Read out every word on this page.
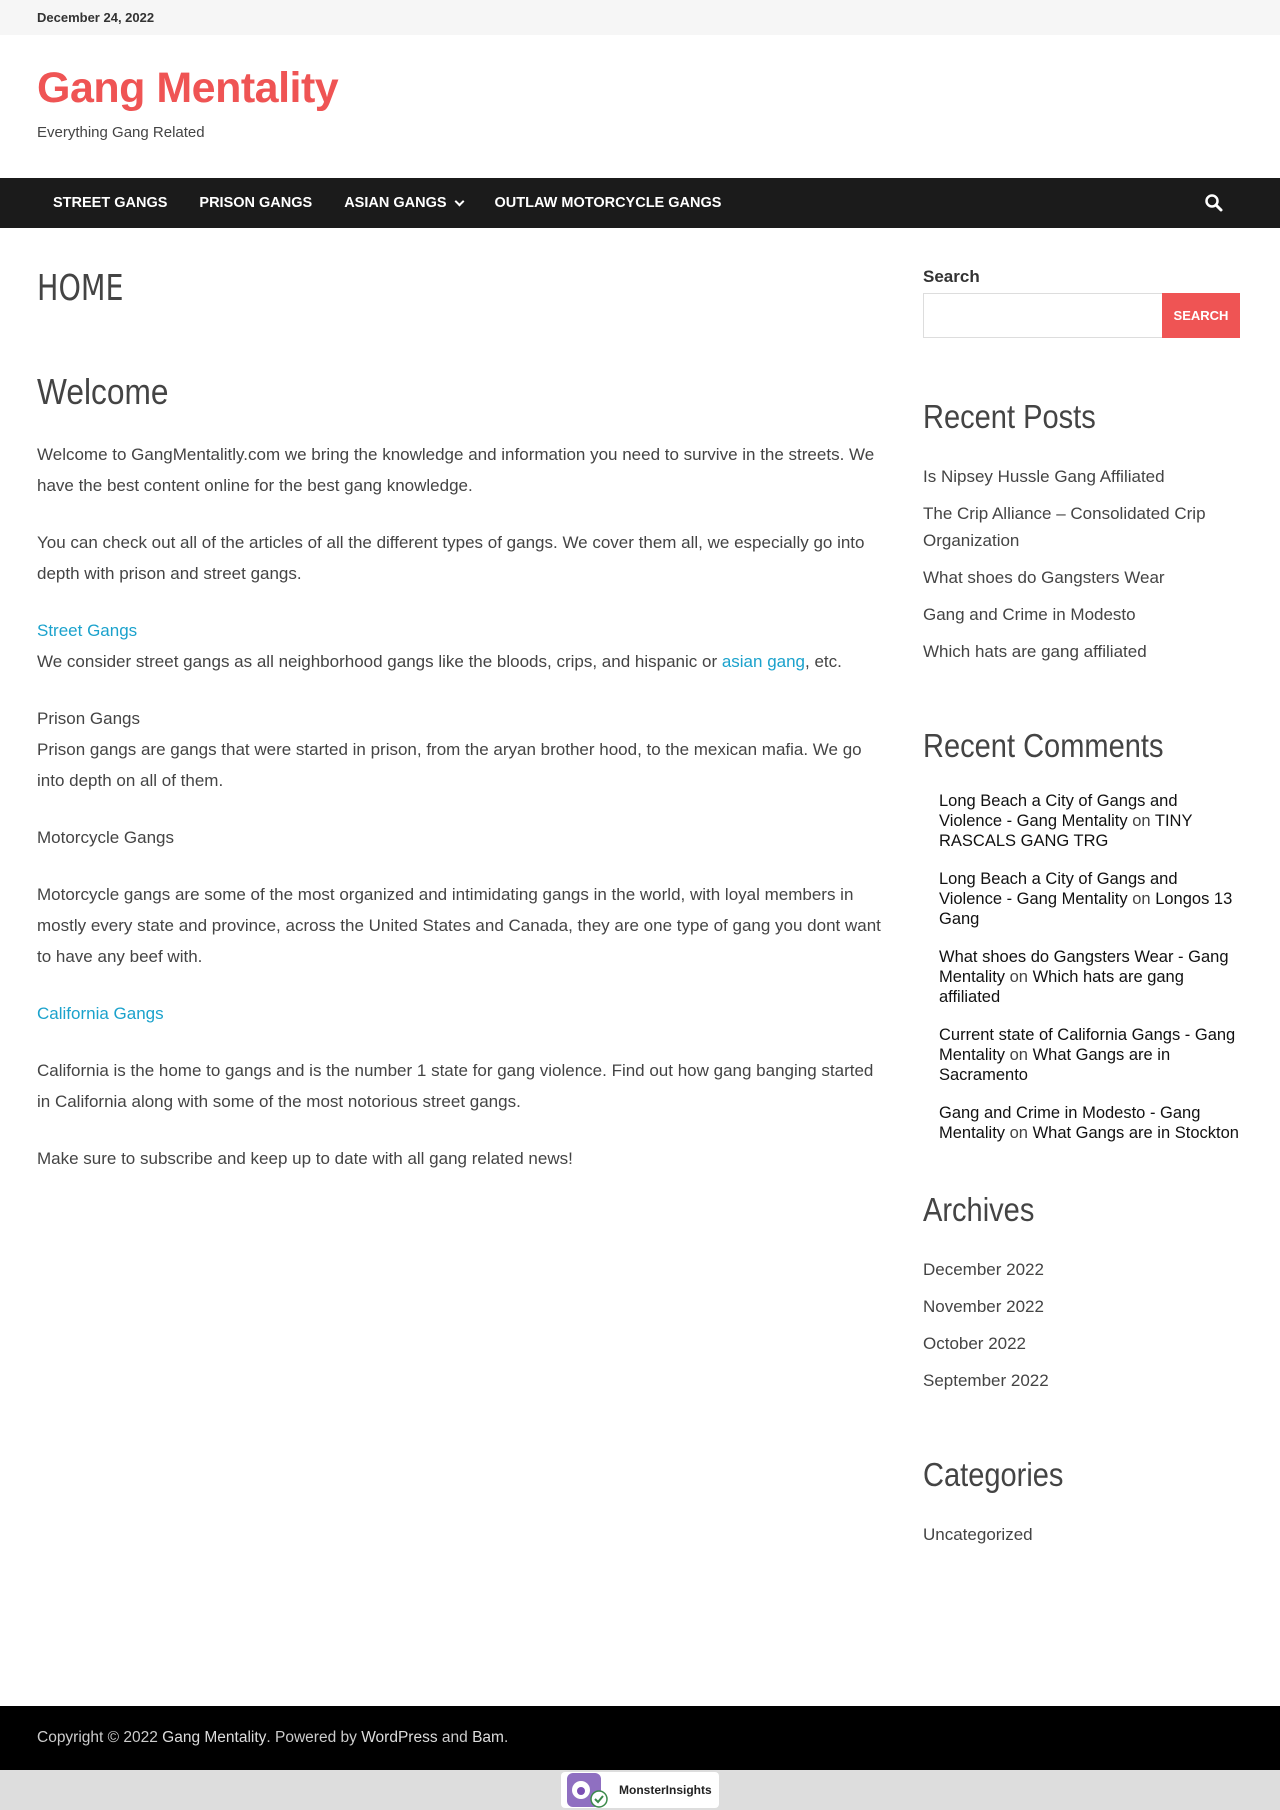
December 24, 2022
Gang Mentality
Everything Gang Related
STREET GANGS PRISON GANGS ASIAN GANGS	OUTLAW MOTORCYCLE GANGS
HOME
Welcome

Welcome to GangMentalitly.com we bring the knowledge and information you need to survive in the streets. We have the best content online for the best gang knowledge.

You can check out all of the articles of all the different types of gangs. We cover them all, we especially go into depth with prison and street gangs.

Street Gangs

We consider street gangs as all neighborhood gangs like the bloods, crips, and hispanic or asian gang, etc.

Prison Gangs

Prison gangs are gangs that were started in prison, from the aryan brother hood, to the mexican mafia. We go into depth on all of them.

Motorcycle Gangs

Motorcycle gangs are some of the most organized and intimidating gangs in the world, with loyal members in mostly every state and province, across the United States and Canada, they are one type of gang you dont want to have any beef with.

California Gangs

California is the home to gangs and is the number 1 state for gang violence. Find out how gang banging started in California along with some of the most notorious street gangs.

Make sure to subscribe and keep up to date with all gang related news!

Search
SEARCH
Recent Posts
Is Nipsey Hussle Gang Affiliated
The Crip Alliance – Consolidated Crip Organization
What shoes do Gangsters Wear
Gang and Crime in Modesto
Which hats are gang affiliated
Recent Comments
Long Beach a City of Gangs and Violence - Gang Mentality on TINY RASCALS GANG TRG
Long Beach a City of Gangs and Violence - Gang Mentality on Longos 13 Gang
What shoes do Gangsters Wear - Gang Mentality on Which hats are gang affiliated
Current state of California Gangs - Gang Mentality on What Gangs are in Sacramento
Gang and Crime in Modesto - Gang Mentality on What Gangs are in Stockton
Archives
December 2022
November 2022
October 2022
September 2022
Categories
Uncategorized
Copyright © 2022
Gang Mentality . Powered by
WordPress
and
Bam .
MonsterInsights
